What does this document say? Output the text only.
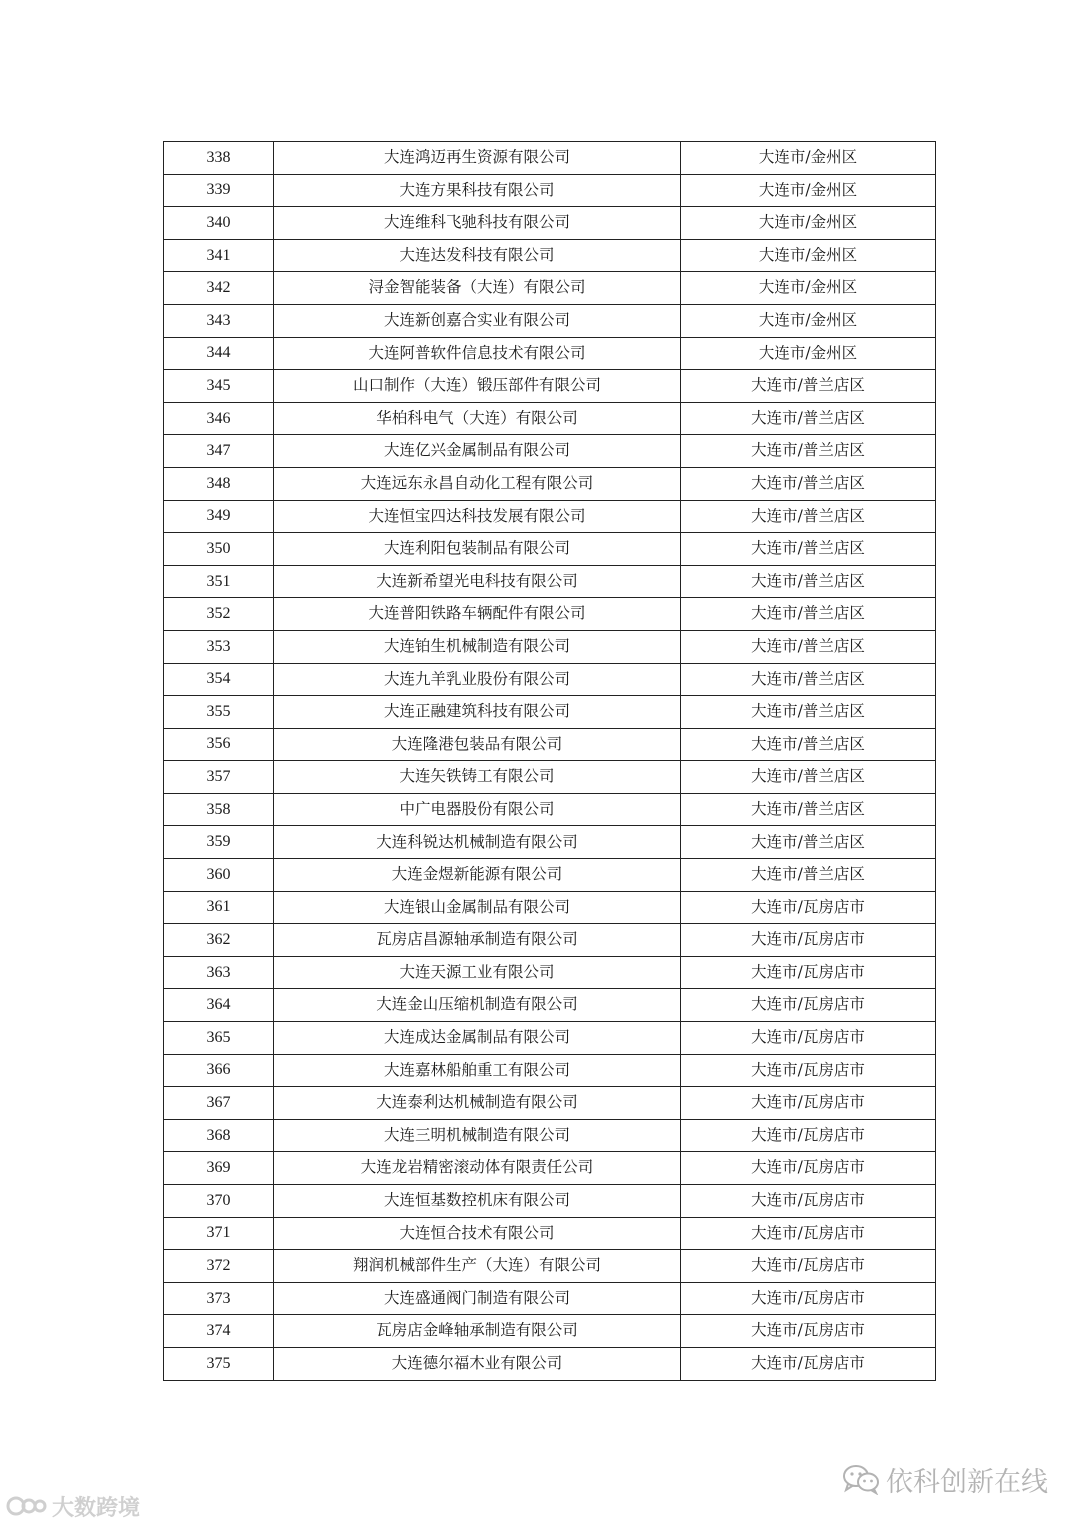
338	大连鸿迈再生资源有限公司	大连市/金州区
339	大连方果科技有限公司	大连市/金州区
340	大连维科飞驰科技有限公司	大连市/金州区
341	大连达发科技有限公司	大连市/金州区
342	浔金智能装备（大连）有限公司	大连市/金州区
343	大连新创嘉合实业有限公司	大连市/金州区
344	大连阿普软件信息技术有限公司	大连市/金州区
345	山口制作（大连）锻压部件有限公司	大连市/普兰店区
346	华柏科电气（大连）有限公司	大连市/普兰店区
347	大连亿兴金属制品有限公司	大连市/普兰店区
348	大连远东永昌自动化工程有限公司	大连市/普兰店区
349	大连恒宝四达科技发展有限公司	大连市/普兰店区
350	大连利阳包装制品有限公司	大连市/普兰店区
351	大连新希望光电科技有限公司	大连市/普兰店区
352	大连普阳铁路车辆配件有限公司	大连市/普兰店区
353	大连铂生机械制造有限公司	大连市/普兰店区
354	大连九羊乳业股份有限公司	大连市/普兰店区
355	大连正融建筑科技有限公司	大连市/普兰店区
356	大连隆港包装品有限公司	大连市/普兰店区
357	大连矢铁铸工有限公司	大连市/普兰店区
358	中广电器股份有限公司	大连市/普兰店区
359	大连科锐达机械制造有限公司	大连市/普兰店区
360	大连金煜新能源有限公司	大连市/普兰店区
361	大连银山金属制品有限公司	大连市/瓦房店市
362	瓦房店昌源轴承制造有限公司	大连市/瓦房店市
363	大连天源工业有限公司	大连市/瓦房店市
364	大连金山压缩机制造有限公司	大连市/瓦房店市
365	大连成达金属制品有限公司	大连市/瓦房店市
366	大连嘉林船舶重工有限公司	大连市/瓦房店市
367	大连泰利达机械制造有限公司	大连市/瓦房店市
368	大连三明机械制造有限公司	大连市/瓦房店市
369	大连龙岩精密滚动体有限责任公司	大连市/瓦房店市
370	大连恒基数控机床有限公司	大连市/瓦房店市
371	大连恒合技术有限公司	大连市/瓦房店市
372	翔润机械部件生产（大连）有限公司	大连市/瓦房店市
373	大连盛通阀门制造有限公司	大连市/瓦房店市
374	瓦房店金峰轴承制造有限公司	大连市/瓦房店市
375	大连德尔福木业有限公司	大连市/瓦房店市
依科创新在线
大数跨境
